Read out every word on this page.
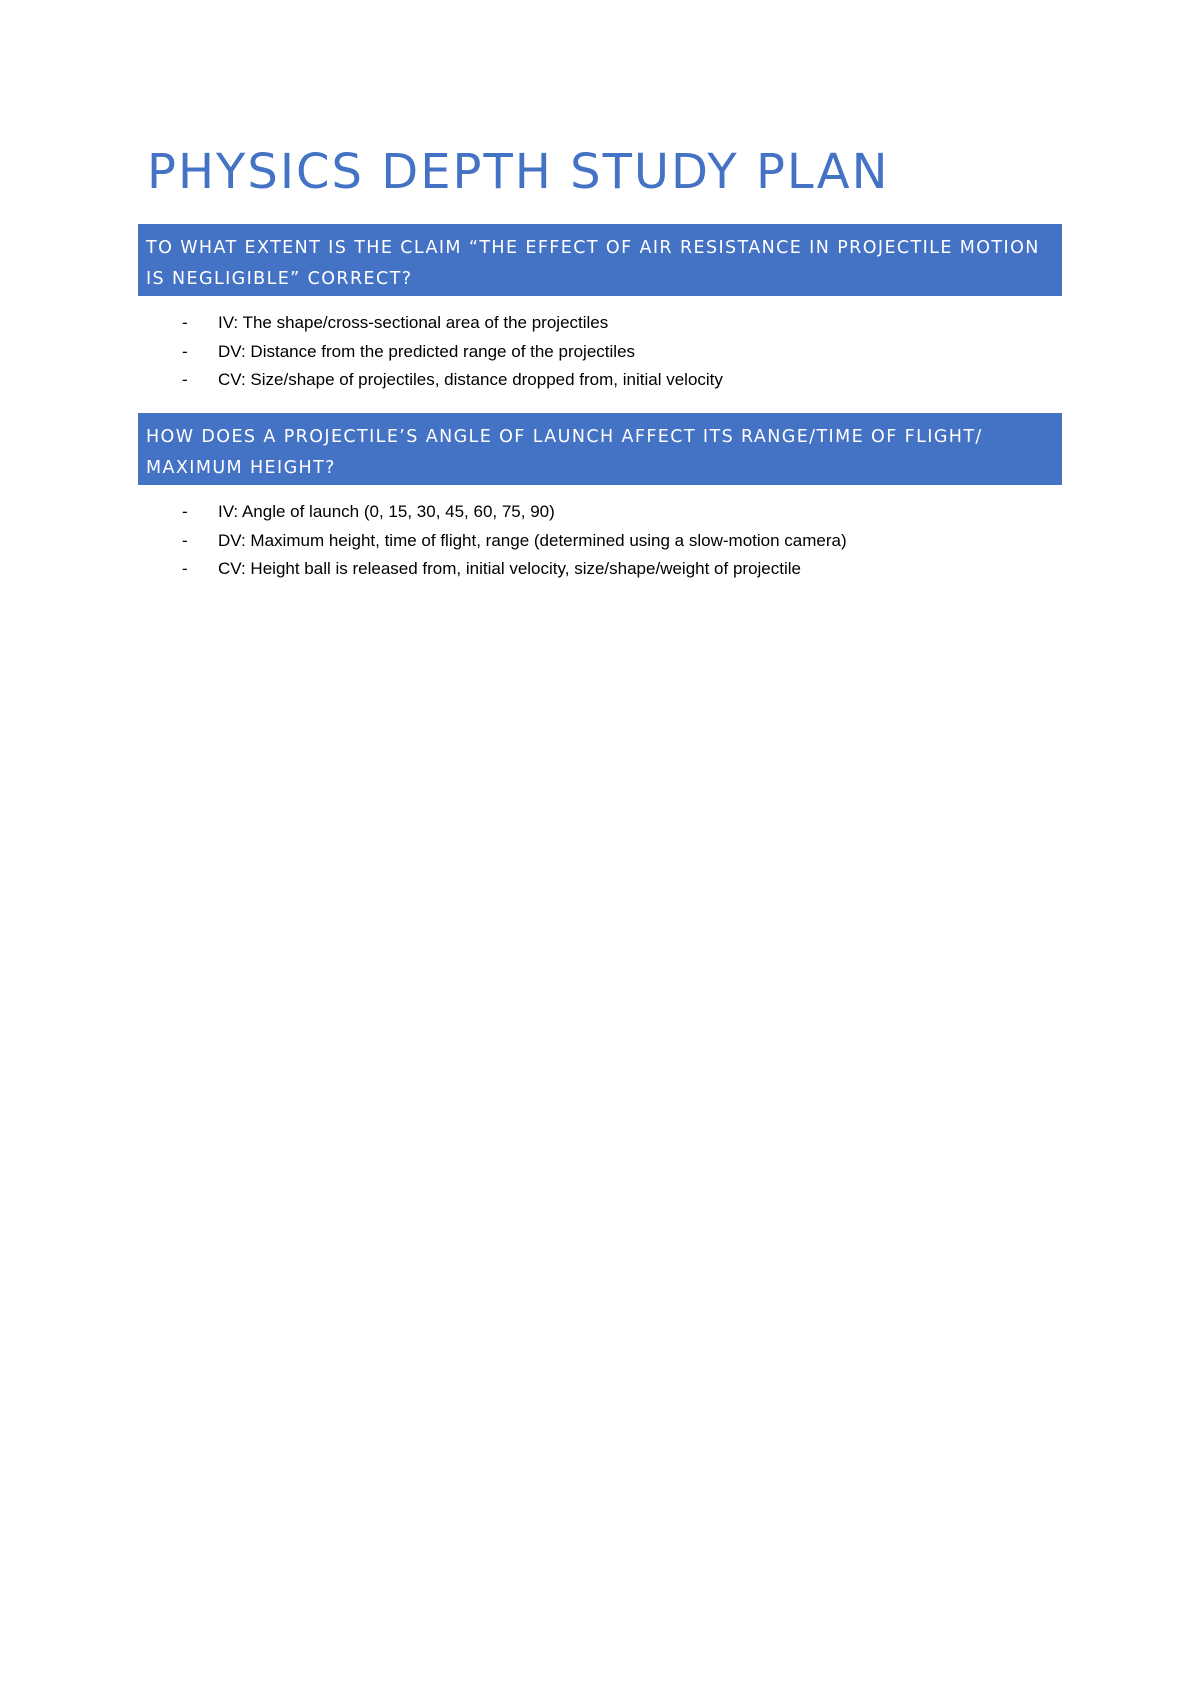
PHYSICS DEPTH STUDY PLAN
TO WHAT EXTENT IS THE CLAIM “THE EFFECT OF AIR RESISTANCE IN PROJECTILE MOTION IS NEGLIGIBLE” CORRECT?
- IV: The shape/cross-sectional area of the projectiles
- DV: Distance from the predicted range of the projectiles
- CV: Size/shape of projectiles, distance dropped from, initial velocity
HOW DOES A PROJECTILE’S ANGLE OF LAUNCH AFFECT ITS RANGE/TIME OF FLIGHT/ MAXIMUM HEIGHT?
- IV: Angle of launch (0, 15, 30, 45, 60, 75, 90)
- DV: Maximum height, time of flight, range (determined using a slow-motion camera)
- CV: Height ball is released from, initial velocity, size/shape/weight of projectile
